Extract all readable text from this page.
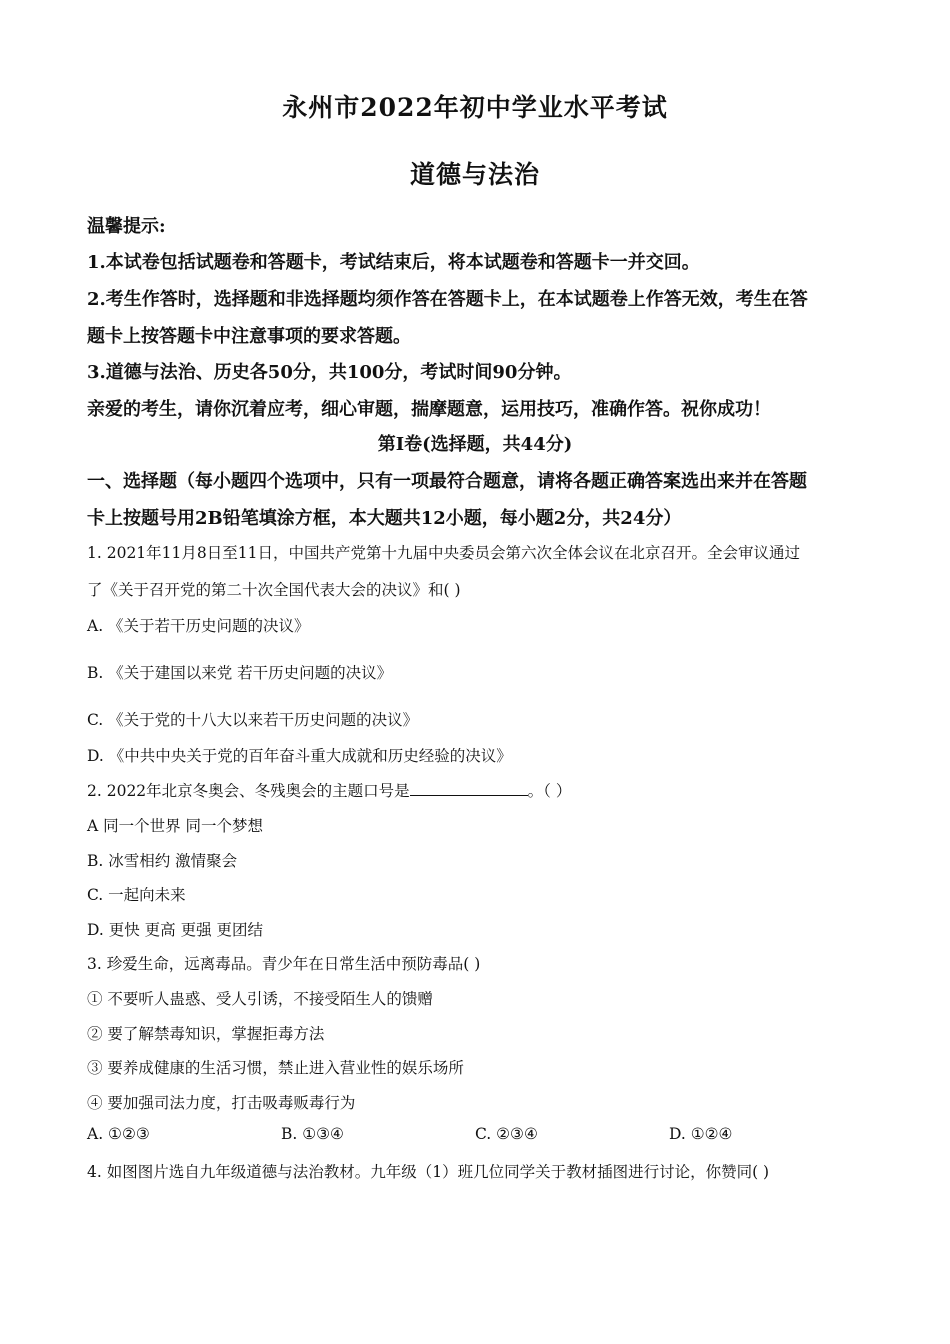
永州市2022年初中学业水平考试
道德与法治
温馨提示:
1.本试卷包括试题卷和答题卡，考试结束后，将本试题卷和答题卡一并交回。
2.考生作答时，选择题和非选择题均须作答在答题卡上，在本试题卷上作答无效，考生在答
题卡上按答题卡中注意事项的要求答题。
3.道德与法治、历史各50分，共100分，考试时间90分钟。
亲爱的考生，请你沉着应考，细心审题，揣摩题意，运用技巧，准确作答。祝你成功！
第Ⅰ卷(选择题，共44分)
一、选择题（每小题四个选项中，只有一项最符合题意，请将各题正确答案选出来并在答题
卡上按题号用2B铅笔填涂方框，本大题共12小题，每小题2分，共24分）
1. 2021年11月8日至11日，中国共产党第十九届中央委员会第六次全体会议在北京召开。全会审议通过
了《关于召开党的第二十次全国代表大会的决议》和( )
A. 《关于若干历史问题的决议》
B. 《关于建国以来党 若干历史问题的决议》
C. 《关于党的十八大以来若干历史问题的决议》
D. 《中共中央关于党的百年奋斗重大成就和历史经验的决议》
2. 2022年北京冬奥会、冬残奥会的主题口号是	。（ ）
A 同一个世界 同一个梦想
B. 冰雪相约 激情聚会
C. 一起向未来
D. 更快 更高 更强 更团结
3. 珍爱生命，远离毒品。青少年在日常生活中预防毒品( )
① 不要听人蛊惑、受人引诱，不接受陌生人的馈赠
② 要了解禁毒知识，掌握拒毒方法
③ 要养成健康的生活习惯，禁止进入营业性的娱乐场所
④ 要加强司法力度，打击吸毒贩毒行为
A. ①②③	B. ①③④	C. ②③④	D. ①②④
4. 如图图片选自九年级道德与法治教材。九年级（1）班几位同学关于教材插图进行讨论，你赞同( )
